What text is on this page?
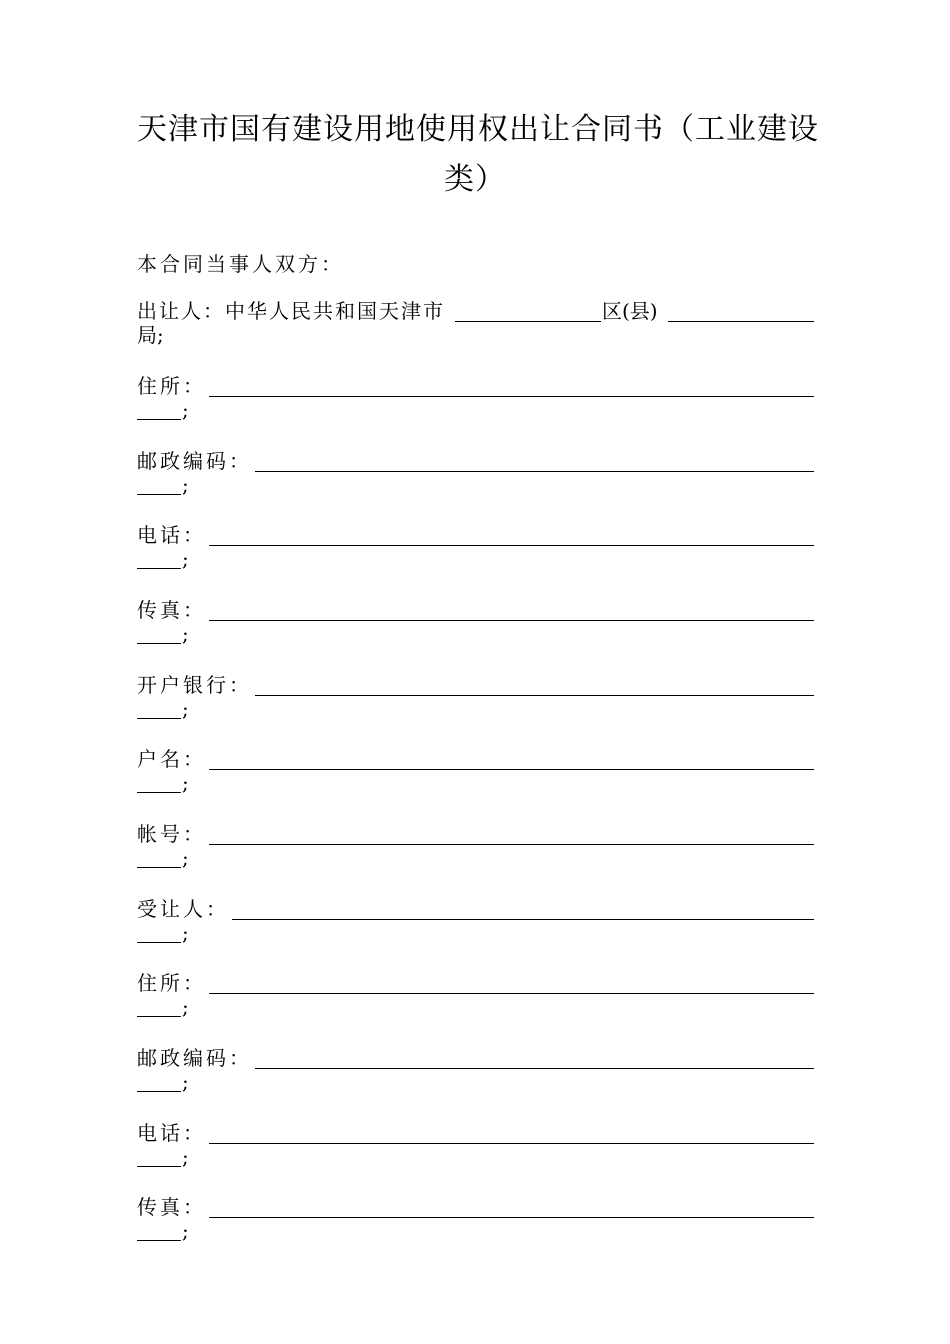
天津市国有建设用地使用权出让合同书（工业建设
类）
本合同当事人双方：
出让人：中华人民共和国天津市	区(县)
局;
住所：
;
邮政编码：
;
电话：
;
传真：
;
开户银行：
;
户名：
;
帐号：
;
受让人：
;
住所：
;
邮政编码：
;
电话：
;
传真：
;
